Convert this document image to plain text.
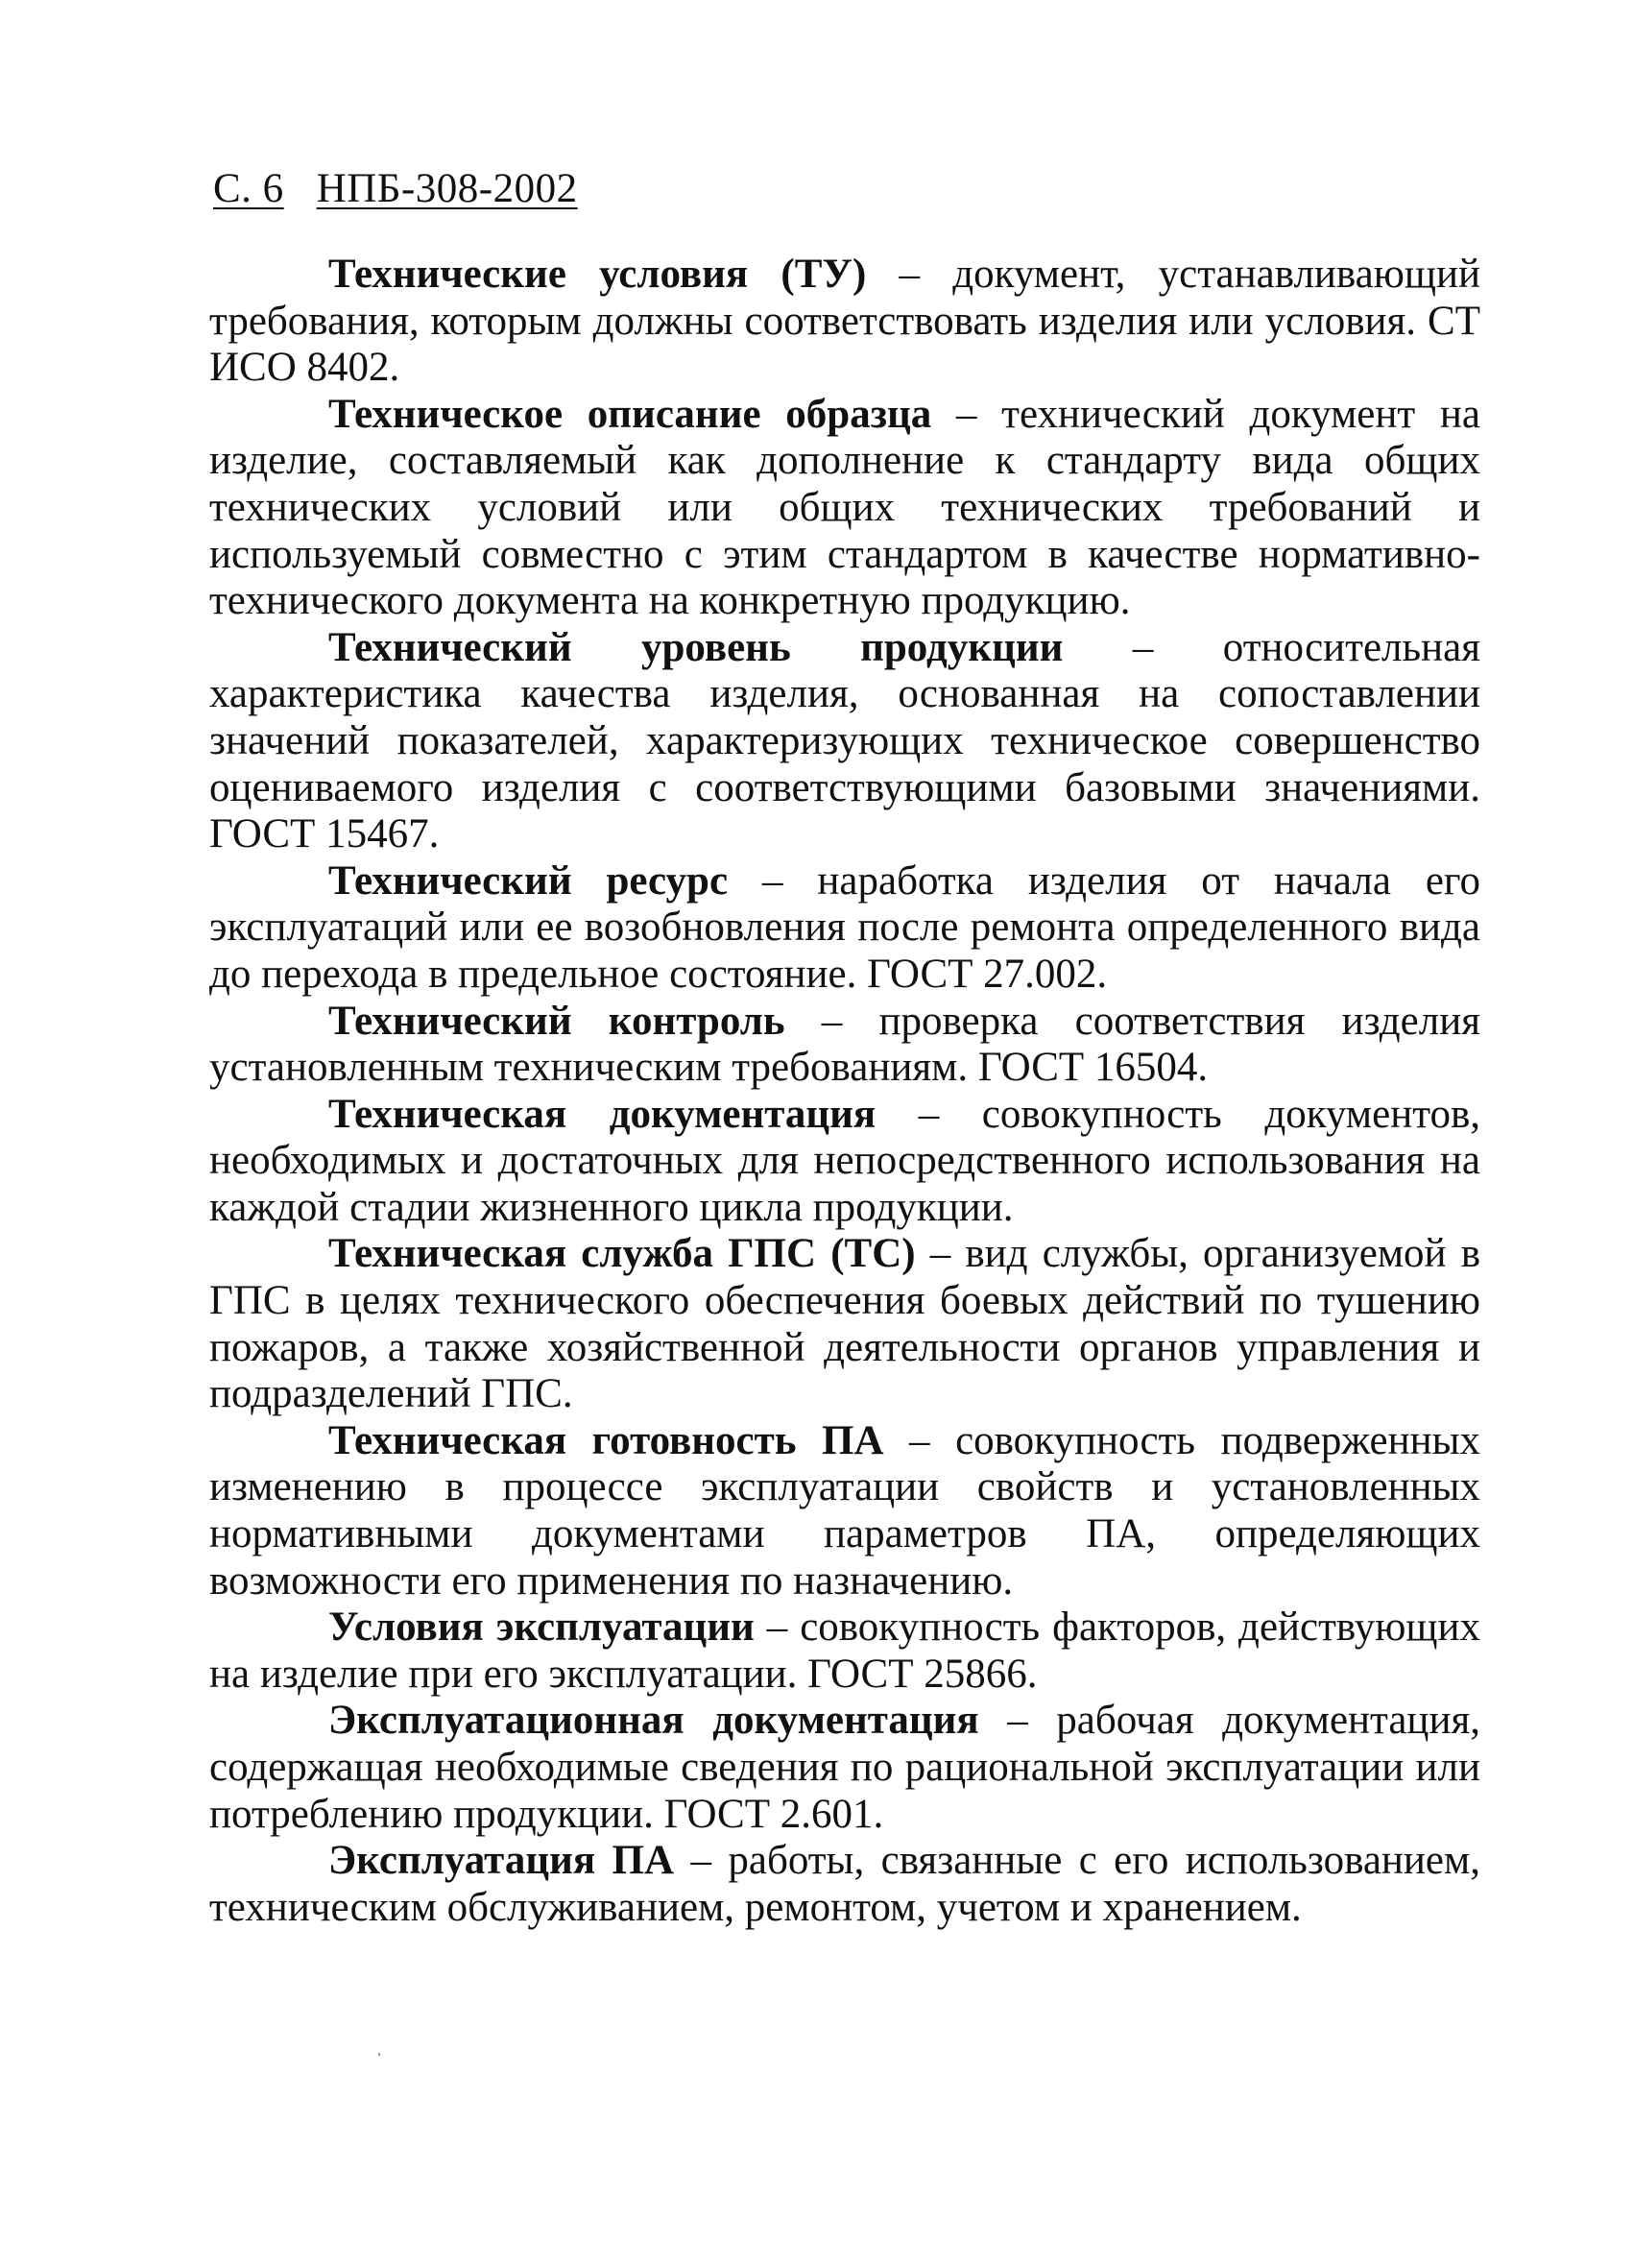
С. 6 НПБ-308-2002

Технические условия (ТУ) – документ, устанавливающий требования, которым должны соответствовать изделия или условия. СТ ИСО 8402.

Техническое описание образца – технический документ на изделие, составляемый как дополнение к стандарту вида общих технических условий или общих технических требований и используемый совместно с этим стандартом в качестве нормативно-технического документа на конкретную продукцию.

Технический уровень продукции – относительная характеристика качества изделия, основанная на сопоставлении значений показателей, характеризующих техническое совершенство оцениваемого изделия с соответствующими базовыми значениями. ГОСТ 15467.

Технический ресурс – наработка изделия от начала его эксплуатаций или ее возобновления после ремонта определенного вида до перехода в предельное состояние. ГОСТ 27.002.

Технический контроль – проверка соответствия изделия установленным техническим требованиям. ГОСТ 16504.

Техническая документация – совокупность документов, необходимых и достаточных для непосредственного использования на каждой стадии жизненного цикла продукции.

Техническая служба ГПС (ТС) – вид службы, организуемой в ГПС в целях технического обеспечения боевых действий по тушению пожаров, а также хозяйственной деятельности органов управления и подразделений ГПС.

Техническая готовность ПА – совокупность подверженных изменению в процессе эксплуатации свойств и установленных нормативными документами параметров ПА, определяющих возможности его применения по назначению.

Условия эксплуатации – совокупность факторов, действующих на изделие при его эксплуатации. ГОСТ 25866.

Эксплуатационная документация – рабочая документация, содержащая необходимые сведения по рациональной эксплуатации или потреблению продукции. ГОСТ 2.601.

Эксплуатация ПА – работы, связанные с его использованием, техническим обслуживанием, ремонтом, учетом и хранением.
